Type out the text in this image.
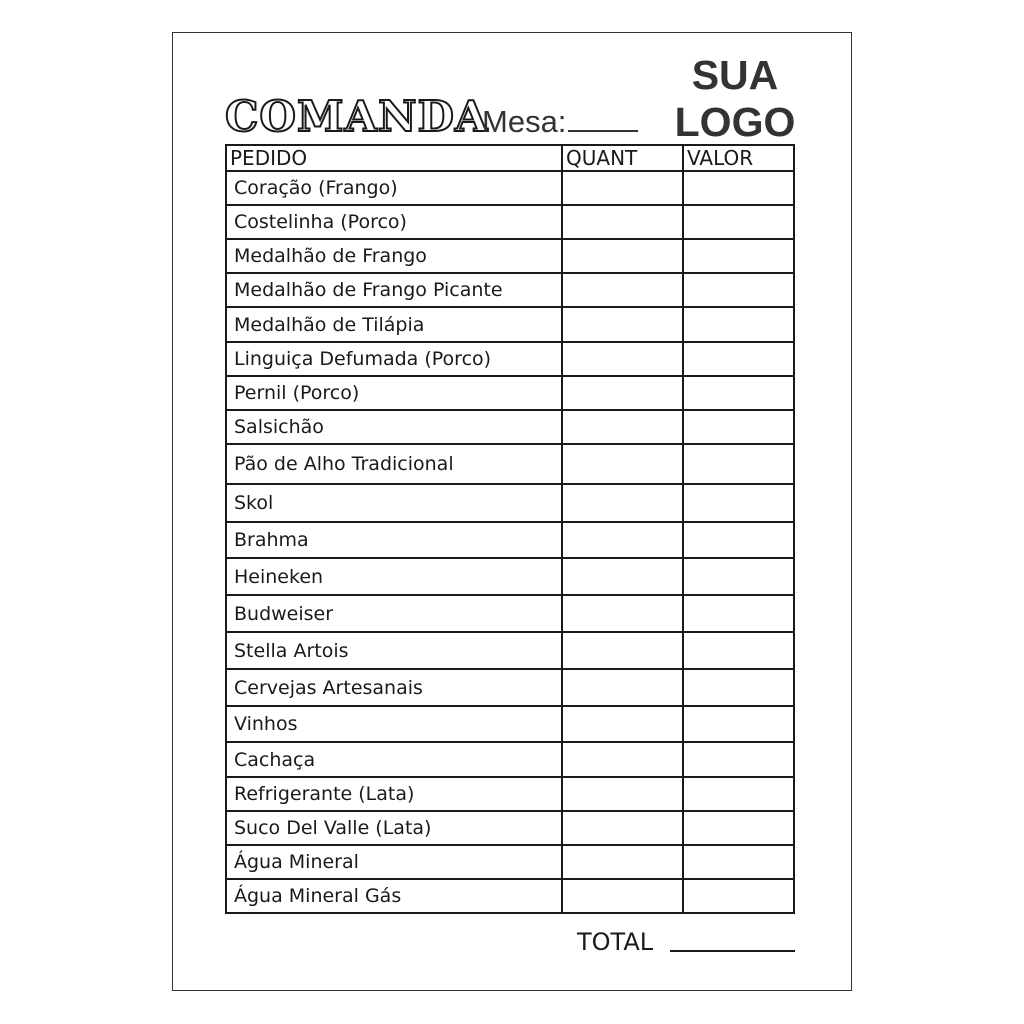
COMANDA
Mesa:
SUA
LOGO
PEDIDO	QUANT	VALOR
Coração (Frango)		
Costelinha (Porco)		
Medalhão de Frango		
Medalhão de Frango Picante		
Medalhão de Tilápia		
Linguiça Defumada (Porco)		
Pernil (Porco)		
Salsichão		
Pão de Alho Tradicional		
Skol		
Brahma		
Heineken		
Budweiser		
Stella Artois		
Cervejas Artesanais		
Vinhos		
Cachaça		
Refrigerante (Lata)		
Suco Del Valle (Lata)		
Água Mineral		
Água Mineral Gás		
TOTAL
